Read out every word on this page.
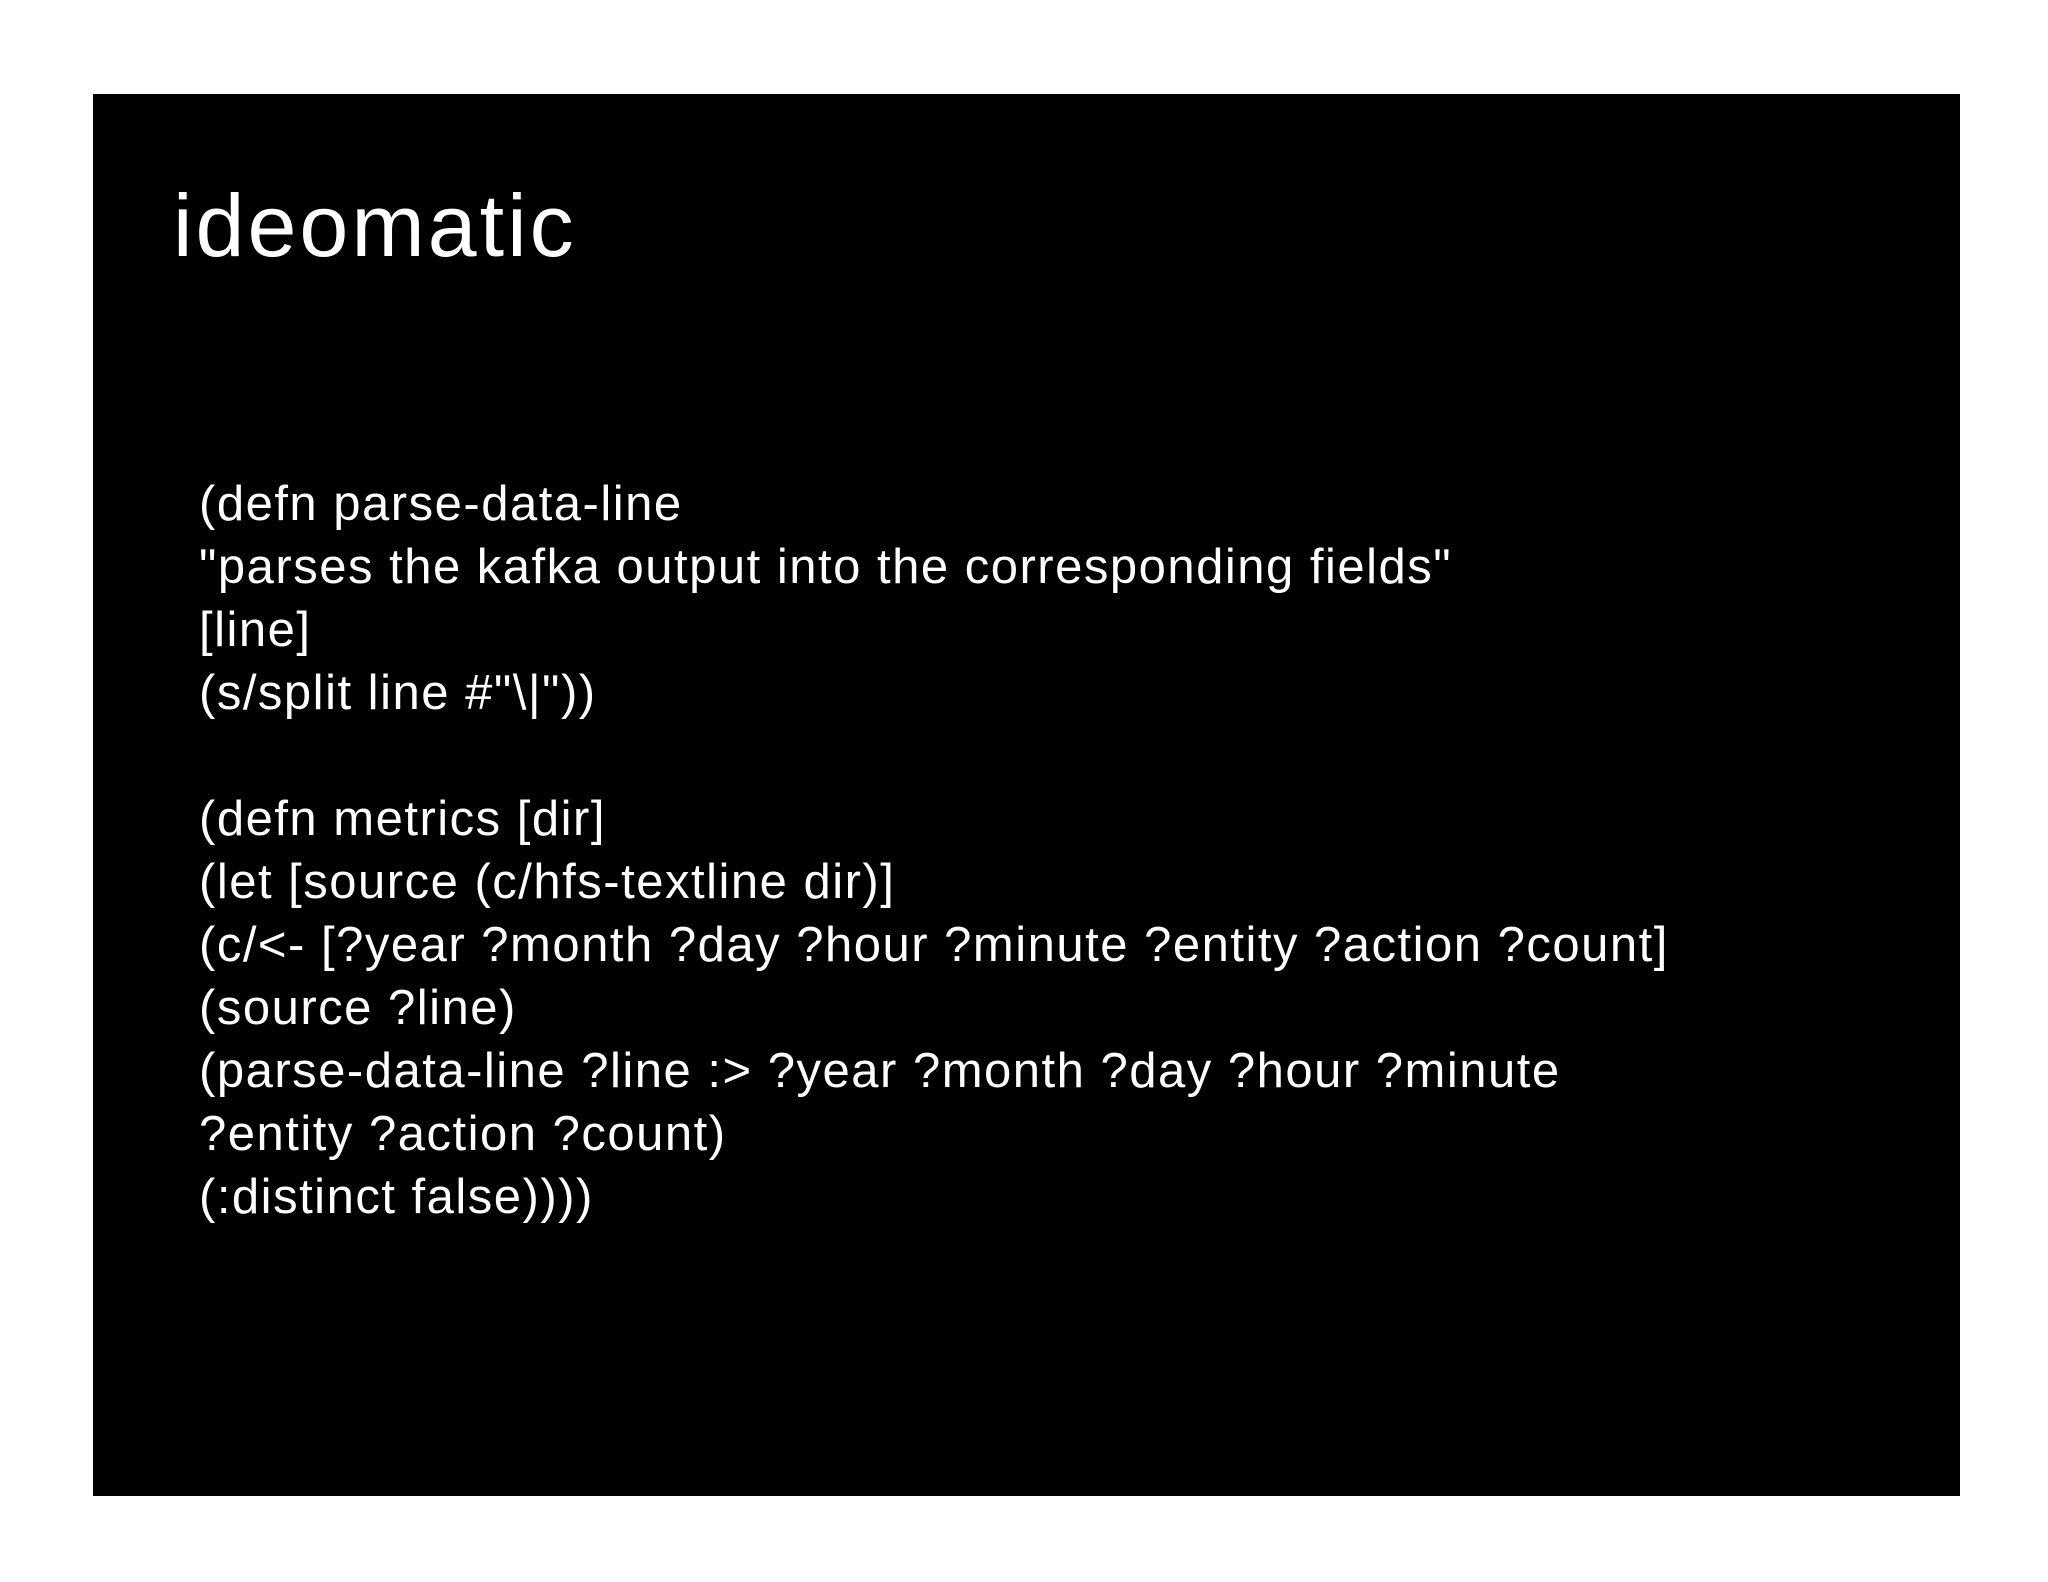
ideomatic
(defn parse-data-line
"parses the kafka output into the corresponding fields"
[line]
(s/split line #"\|"))
(defn metrics [dir]
(let [source (c/hfs-textline dir)]
(c/<- [?year ?month ?day ?hour ?minute ?entity ?action ?count]
(source ?line)
(parse-data-line ?line :> ?year ?month ?day ?hour ?minute
?entity ?action ?count)
(:distinct false))))
